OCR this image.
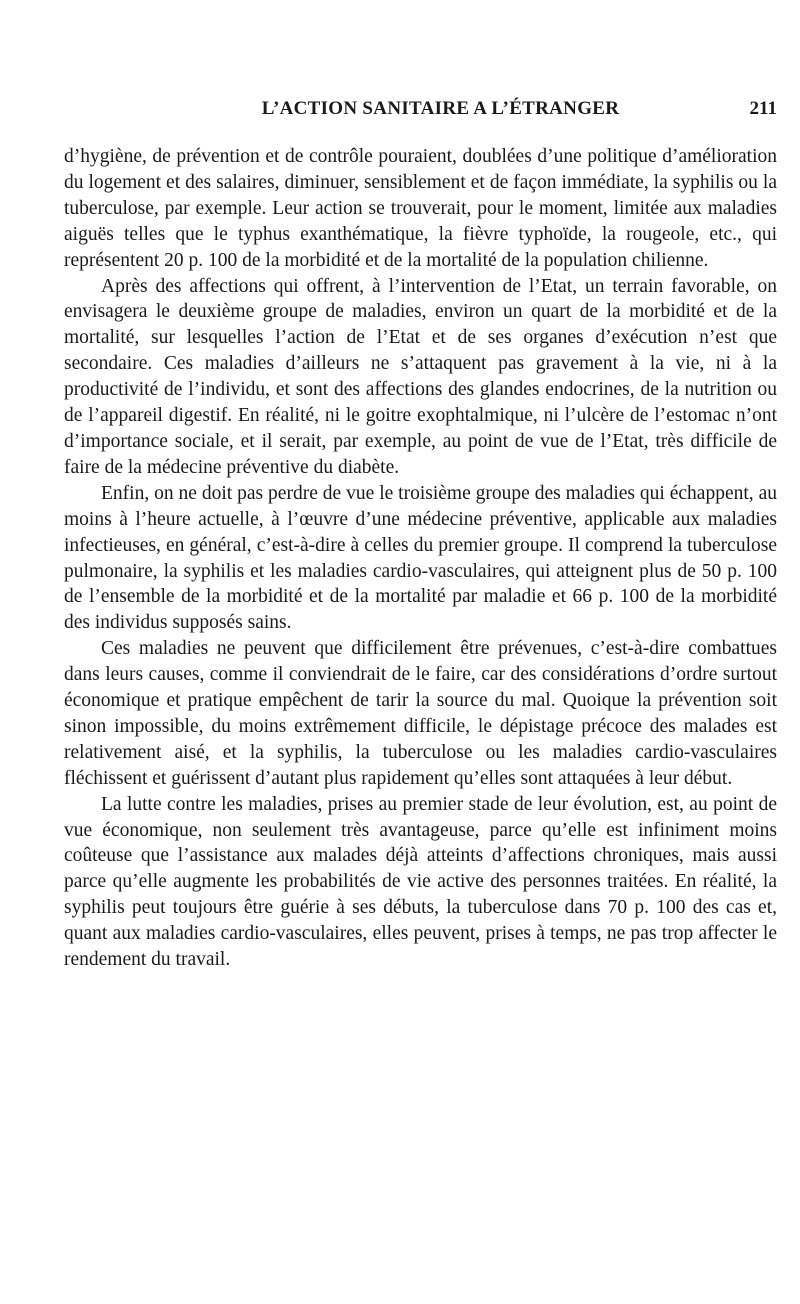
L’ACTION SANITAIRE A L’ÉTRANGER	211

d’hygiène, de prévention et de contrôle pouraient, doublées d’une politique d’amélioration du logement et des salaires, diminuer, sensiblement et de façon immédiate, la syphilis ou la tuberculose, par exemple. Leur action se trouverait, pour le moment, limitée aux maladies aiguës telles que le typhus exanthématique, la fièvre typhoïde, la rougeole, etc., qui représentent 20 p. 100 de la morbidité et de la mortalité de la population chilienne.

Après des affections qui offrent, à l’intervention de l’Etat, un terrain favorable, on envisagera le deuxième groupe de maladies, environ un quart de la morbidité et de la mortalité, sur lesquelles l’action de l’Etat et de ses organes d’exécution n’est que secondaire. Ces maladies d’ailleurs ne s’attaquent pas gravement à la vie, ni à la productivité de l’individu, et sont des affections des glandes endocrines, de la nutrition ou de l’appareil digestif. En réalité, ni le goitre exophtalmique, ni l’ulcère de l’estomac n’ont d’importance sociale, et il serait, par exemple, au point de vue de l’Etat, très difficile de faire de la médecine préventive du diabète.

Enfin, on ne doit pas perdre de vue le troisième groupe des maladies qui échappent, au moins à l’heure actuelle, à l’œuvre d’une médecine préventive, applicable aux maladies infectieuses, en général, c’est-à-dire à celles du premier groupe. Il comprend la tuberculose pulmonaire, la syphilis et les maladies cardio-vasculaires, qui atteignent plus de 50 p. 100 de l’ensemble de la morbidité et de la mortalité par maladie et 66 p. 100 de la morbidité des individus supposés sains.

Ces maladies ne peuvent que difficilement être prévenues, c’est-à-dire combattues dans leurs causes, comme il conviendrait de le faire, car des considérations d’ordre surtout économique et pratique empêchent de tarir la source du mal. Quoique la prévention soit sinon impossible, du moins extrêmement difficile, le dépistage précoce des malades est relativement aisé, et la syphilis, la tuberculose ou les maladies cardio-vasculaires fléchissent et guérissent d’autant plus rapidement qu’elles sont attaquées à leur début.

La lutte contre les maladies, prises au premier stade de leur évolution, est, au point de vue économique, non seulement très avantageuse, parce qu’elle est infiniment moins coûteuse que l’assistance aux malades déjà atteints d’affections chroniques, mais aussi parce qu’elle augmente les probabilités de vie active des personnes traitées. En réalité, la syphilis peut toujours être guérie à ses débuts, la tuberculose dans 70 p. 100 des cas et, quant aux maladies cardio-vasculaires, elles peuvent, prises à temps, ne pas trop affecter le rendement du travail.
